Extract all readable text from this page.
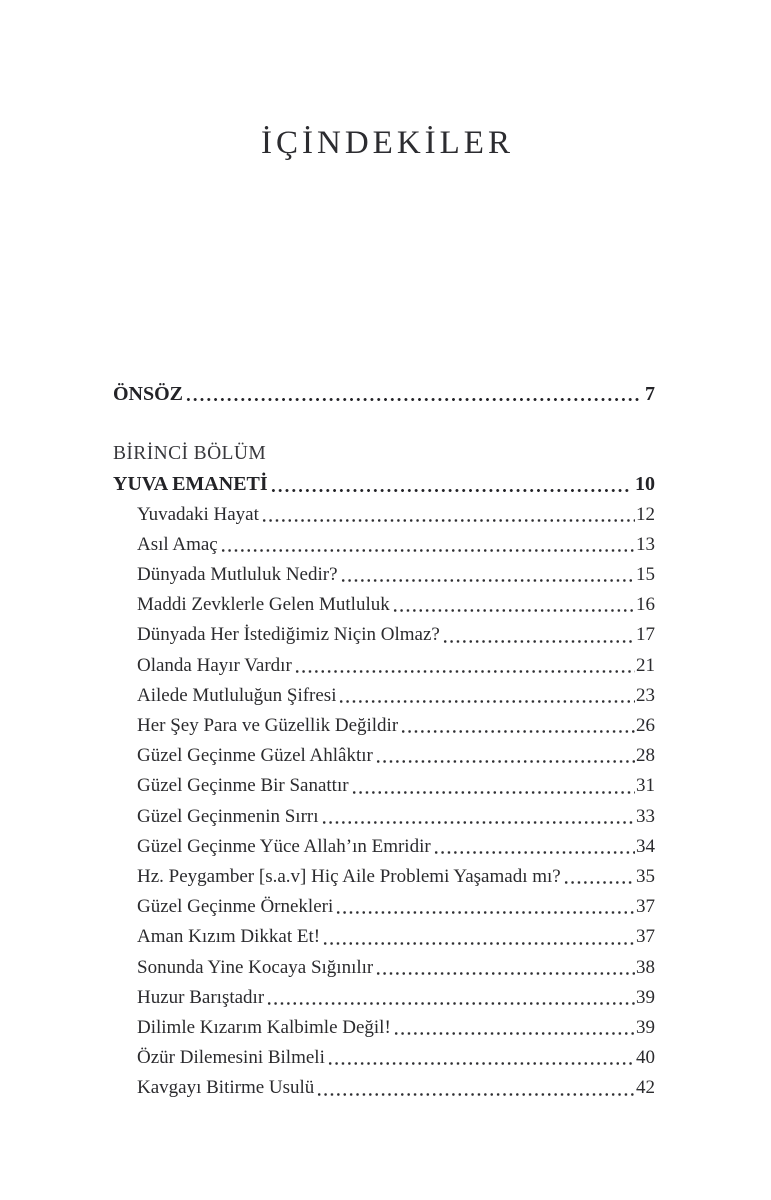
İÇİNDEKİLER
ÖNSÖZ	7
BİRİNCİ BÖLÜM
YUVA EMANETİ	10
Yuvadaki Hayat	12
Asıl Amaç	13
Dünyada Mutluluk Nedir?	15
Maddi Zevklerle Gelen Mutluluk	16
Dünyada Her İstediğimiz Niçin Olmaz?	17
Olanda Hayır Vardır	21
Ailede Mutluluğun Şifresi	23
Her Şey Para ve Güzellik Değildir	26
Güzel Geçinme Güzel Ahlâktır	28
Güzel Geçinme Bir Sanattır	31
Güzel Geçinmenin Sırrı	33
Güzel Geçinme Yüce Allah’ın Emridir	34
Hz. Peygamber [s.a.v] Hiç Aile Problemi Yaşamadı mı?	35
Güzel Geçinme Örnekleri	37
Aman Kızım Dikkat Et!	37
Sonunda Yine Kocaya Sığınılır	38
Huzur Barıştadır	39
Dilimle Kızarım Kalbimle Değil!	39
Özür Dilemesini Bilmeli	40
Kavgayı Bitirme Usulü	42
